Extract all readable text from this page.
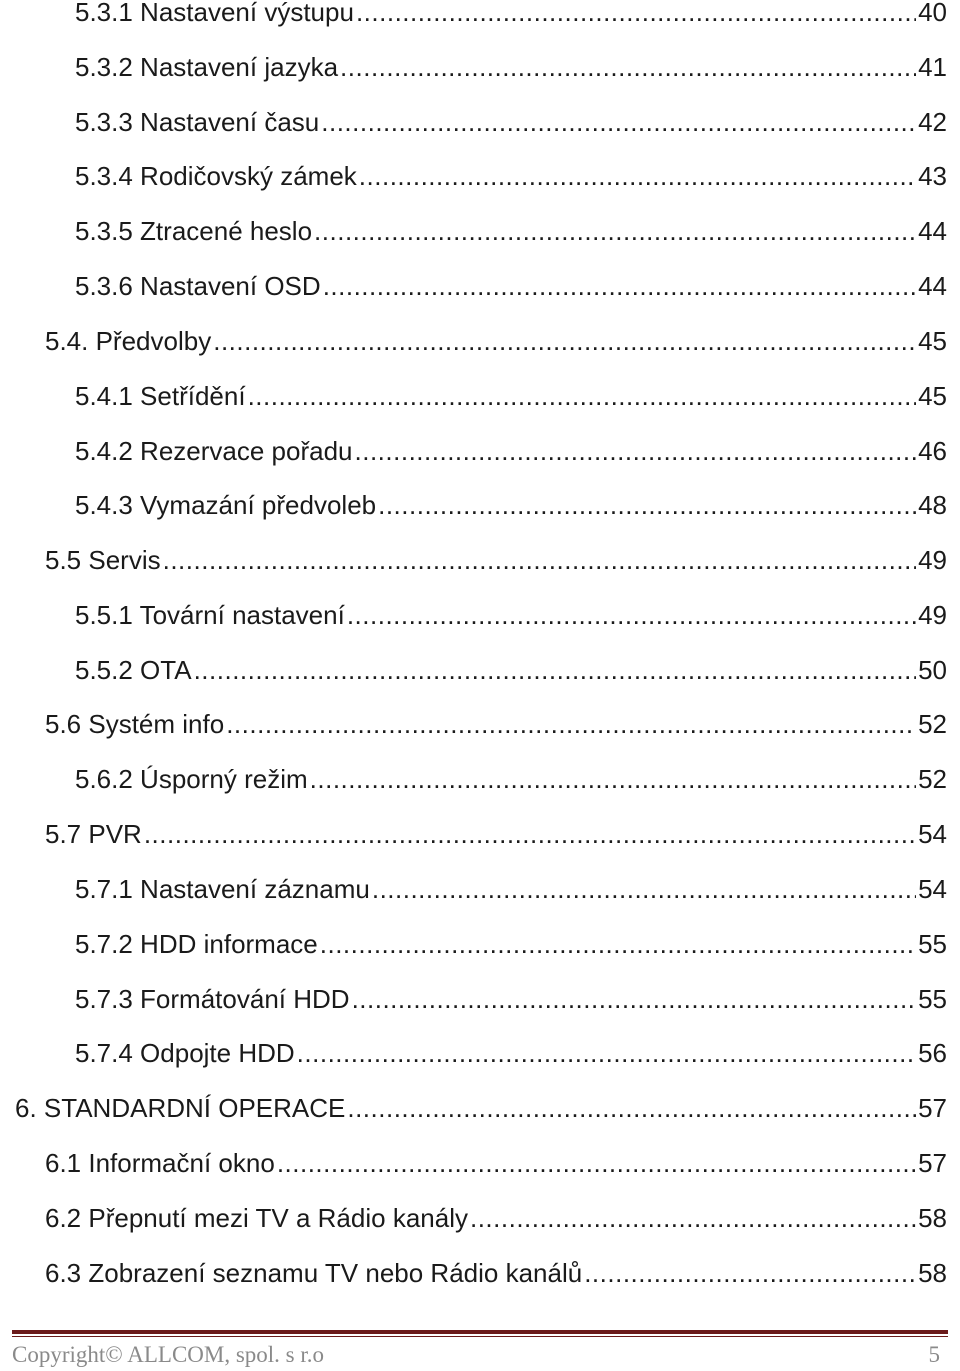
5.3.1 Nastavení výstupu .....	40
5.3.2 Nastavení jazyka .....	41
5.3.3 Nastavení času .....	42
5.3.4 Rodičovský zámek .....	43
5.3.5 Ztracené heslo .....	44
5.3.6 Nastavení OSD .....	44
5.4. Předvolby .....	45
5.4.1 Setřídění .....	45
5.4.2 Rezervace pořadu .....	46
5.4.3 Vymazání předvoleb .....	48
5.5 Servis .....	49
5.5.1 Tovární nastavení .....	49
5.5.2 OTA .....	50
5.6 Systém info .....	52
5.6.2 Úsporný režim .....	52
5.7 PVR .....	54
5.7.1 Nastavení záznamu .....	54
5.7.2 HDD informace .....	55
5.7.3 Formátování HDD .....	55
5.7.4 Odpojte HDD .....	56
6. STANDARDNÍ OPERACE .....	57
6.1 Informační okno .....	57
6.2 Přepnutí mezi TV a Rádio kanály .....	58
6.3 Zobrazení seznamu TV nebo Rádio kanálů .....	58
Copyright© ALLCOM, spol. s r.o	5
